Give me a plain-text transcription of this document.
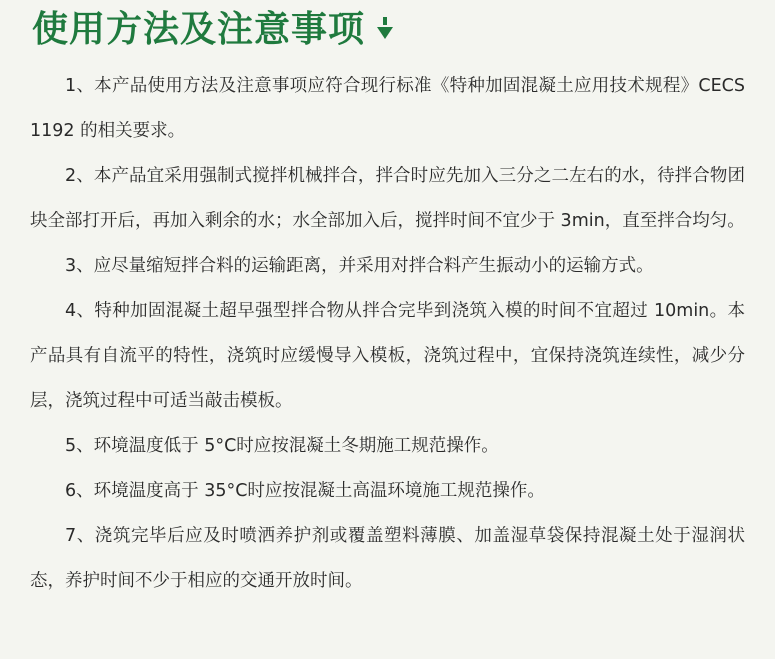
使用方法及注意事项

1、本产品使用方法及注意事项应符合现行标准《特种加固混凝土应用技术规程》CECS 1192 的相关要求。

2、本产品宜采用强制式搅拌机械拌合，拌合时应先加入三分之二左右的水，待拌合物团块全部打开后，再加入剩余的水；水全部加入后，搅拌时间不宜少于 3min，直至拌合均匀。

3、应尽量缩短拌合料的运输距离，并采用对拌合料产生振动小的运输方式。

4、特种加固混凝土超早强型拌合物从拌合完毕到浇筑入模的时间不宜超过 10min。本产品具有自流平的特性，浇筑时应缓慢导入模板，浇筑过程中，宜保持浇筑连续性，减少分层，浇筑过程中可适当敲击模板。

5、环境温度低于 5°C时应按混凝土冬期施工规范操作。

6、环境温度高于 35°C时应按混凝土高温环境施工规范操作。

7、浇筑完毕后应及时喷洒养护剂或覆盖塑料薄膜、加盖湿草袋保持混凝土处于湿润状态，养护时间不少于相应的交通开放时间。
